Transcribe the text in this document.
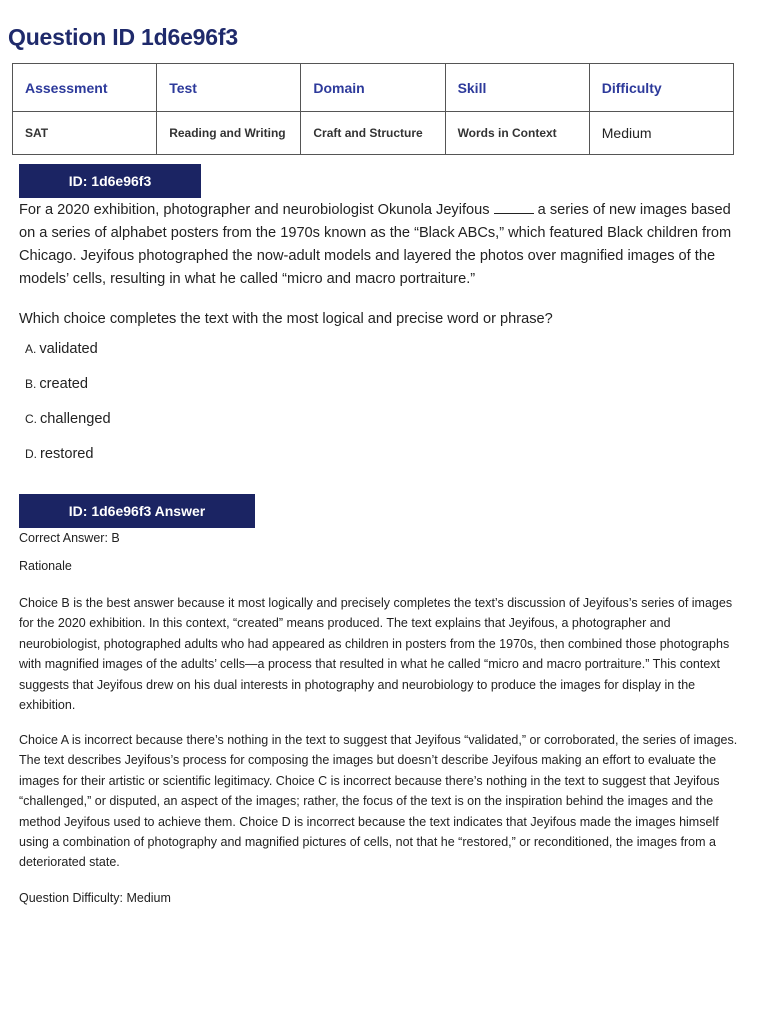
Question ID 1d6e96f3
Assessment	Test	Domain	Skill	Difficulty
SAT	Reading and Writing	Craft and Structure	Words in Context	Medium
ID: 1d6e96f3

For a 2020 exhibition, photographer and neurobiologist Okunola Jeyifous	a series of new images based on a series of alphabet posters from the 1970s known as the “Black ABCs,” which featured Black children from Chicago. Jeyifous photographed the now-adult models and layered the photos over magnified images of the models’ cells, resulting in what he called “micro and macro portraiture.”

Which choice completes the text with the most logical and precise word or phrase?

A. validated
B. created
C. challenged
D. restored
ID: 1d6e96f3 Answer

Correct Answer: B

Rationale

Choice B is the best answer because it most logically and precisely completes the text’s discussion of Jeyifous’s series of images for the 2020 exhibition. In this context, “created” means produced. The text explains that Jeyifous, a photographer and neurobiologist, photographed adults who had appeared as children in posters from the 1970s, then combined those photographs with magnified images of the adults’ cells—a process that resulted in what he called “micro and macro portraiture.” This context suggests that Jeyifous drew on his dual interests in photography and neurobiology to produce the images for display in the exhibition.

Choice A is incorrect because there’s nothing in the text to suggest that Jeyifous “validated,” or corroborated, the series of images. The text describes Jeyifous’s process for composing the images but doesn’t describe Jeyifous making an effort to evaluate the images for their artistic or scientific legitimacy. Choice C is incorrect because there’s nothing in the text to suggest that Jeyifous “challenged,” or disputed, an aspect of the images; rather, the focus of the text is on the inspiration behind the images and the method Jeyifous used to achieve them. Choice D is incorrect because the text indicates that Jeyifous made the images himself using a combination of photography and magnified pictures of cells, not that he “restored,” or reconditioned, the images from a deteriorated state.

Question Difficulty: Medium
